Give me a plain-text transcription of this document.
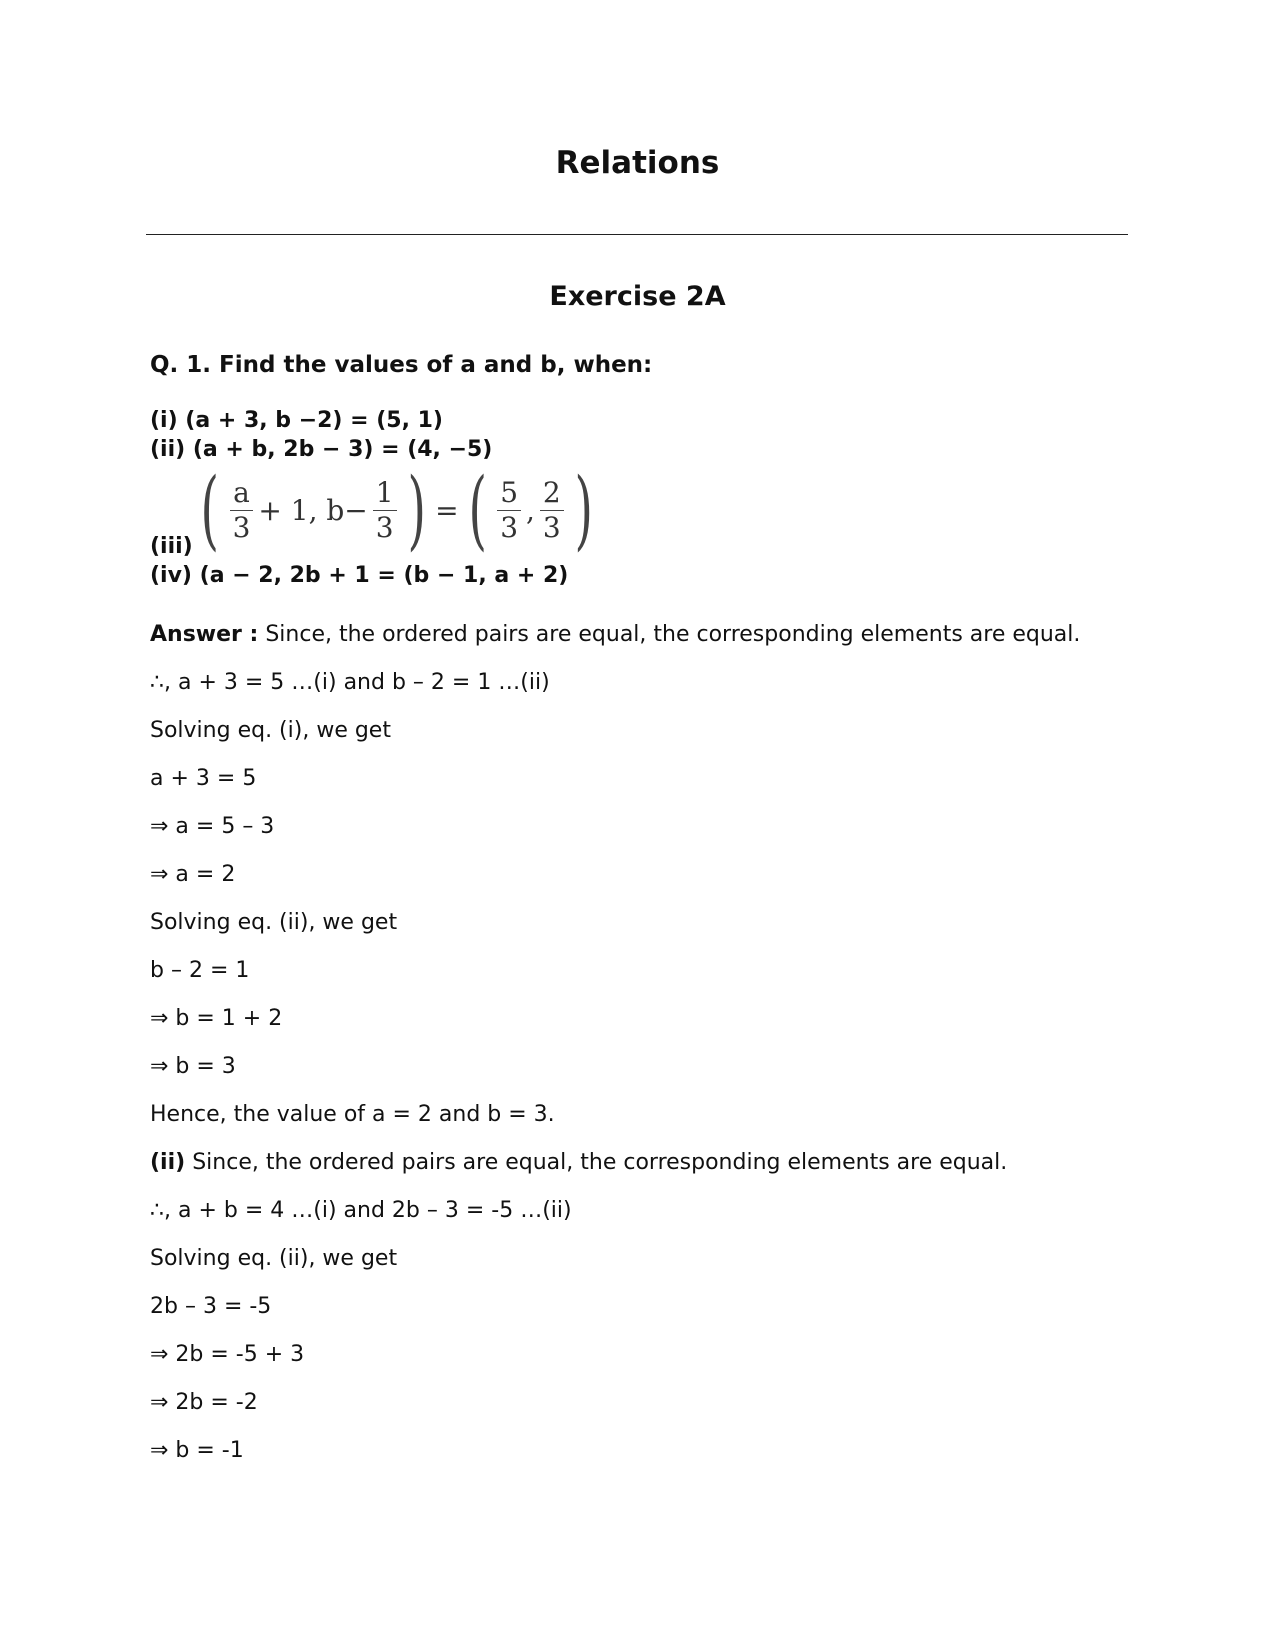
Relations
Exercise 2A

Q. 1. Find the values of a and b, when:

(i) (a + 3, b −2) = (5, 1)

(ii) (a + b, 2b − 3) = (4, −5)

( $\frac{a}{3} + 1$, $b- \frac{1}{3}$ ) = ( $\frac{5}{3}$ , $\frac{2}{3}$ )

(iii)

(iv) (a − 2, 2b + 1 = (b − 1, a + 2)

Answer : Since, the ordered pairs are equal, the corresponding elements are equal.

∴, a + 3 = 5 …(i) and b – 2 = 1 …(ii)

Solving eq. (i), we get

a + 3 = 5

⇒ a = 5 – 3

⇒ a = 2

Solving eq. (ii), we get

b – 2 = 1

⇒ b = 1 + 2

⇒ b = 3

Hence, the value of a = 2 and b = 3.

(ii) Since, the ordered pairs are equal, the corresponding elements are equal.

∴, a + b = 4 …(i) and 2b – 3 = -5 …(ii)

Solving eq. (ii), we get

2b – 3 = -5

⇒ 2b = -5 + 3

⇒ 2b = -2

⇒ b = -1
